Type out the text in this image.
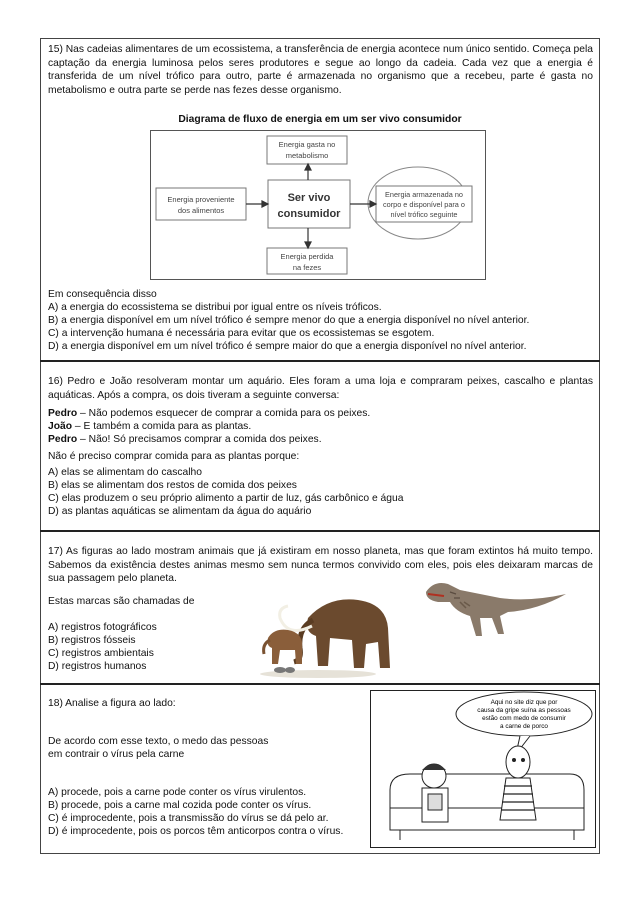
15) Nas cadeias alimentares de um ecossistema, a transferência de energia acontece num único sentido. Começa pela captação da energia luminosa pelos seres produtores e segue ao longo da cadeia. Cada vez que a energia é transferida de um nível trófico para outro, parte é armazenada no organismo que a recebeu, parte é gasta no metabolismo e outra parte se perde nas fezes desse organismo.
Diagrama de fluxo de energia em um ser vivo consumidor
Energia gasta no
metabolismo
Energia proveniente
dos alimentos
Ser vivo
consumidor
Energia armazenada no
corpo e disponível para o
nível trófico seguinte
Energia perdida
na fezes
Em consequência disso
A) a energia do ecossistema se distribui por igual entre os níveis tróficos.
B) a energia disponível em um nível trófico é sempre menor do que a energia disponível no nível anterior.
C) a intervenção humana é necessária para evitar que os ecossistemas se esgotem.
D) a energia disponível em um nível trófico é sempre maior do que a energia disponível no nível anterior.
16) Pedro e João resolveram montar um aquário. Eles foram a uma loja e compraram peixes, cascalho e plantas aquáticas. Após a compra, os dois tiveram a seguinte conversa:
Pedro – Não podemos esquecer de comprar a comida para os peixes.
João – E também a comida para as plantas.
Pedro – Não! Só precisamos comprar a comida dos peixes.
Não é preciso comprar comida para as plantas porque:
A) elas se alimentam do cascalho
B) elas se alimentam dos restos de comida dos peixes
C) elas produzem o seu próprio alimento a partir de luz, gás carbônico e água
D) as plantas aquáticas se alimentam da água do aquário
17) As figuras ao lado mostram animais que já existiram em nosso planeta, mas que foram extintos há muito tempo. Sabemos da existência destes animas mesmo sem nunca termos convivido com eles, pois eles deixaram marcas de sua passagem pelo planeta.
Estas marcas são chamadas de
A) registros fotográficos
B) registros fósseis
C) registros ambientais
D) registros humanos
18) Analise a figura ao lado:
De acordo com esse texto, o medo das pessoas
em contrair o vírus pela carne
A) procede, pois a carne pode conter os vírus virulentos.
B) procede, pois a carne mal cozida pode conter os vírus.
C) é improcedente, pois a transmissão do vírus se dá pelo ar.
D) é improcedente, pois os porcos têm anticorpos contra o vírus.
Aqui no site diz que por
causa da gripe suína as pessoas
estão com medo de consumir
a carne de porco
